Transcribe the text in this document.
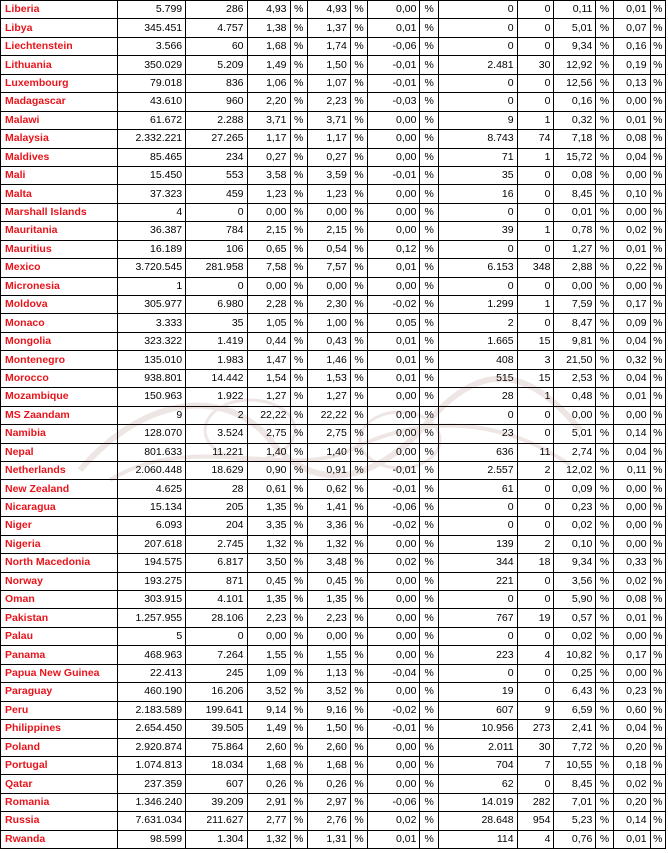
Liberia	5.799	286	4,93	%	4,93	%	0,00	%	0	0	0,11	%	0,01	%
Libya	345.451	4.757	1,38	%	1,37	%	0,01	%	0	0	5,01	%	0,07	%
Liechtenstein	3.566	60	1,68	%	1,74	%	-0,06	%	0	0	9,34	%	0,16	%
Lithuania	350.029	5.209	1,49	%	1,50	%	-0,01	%	2.481	30	12,92	%	0,19	%
Luxembourg	79.018	836	1,06	%	1,07	%	-0,01	%	0	0	12,56	%	0,13	%
Madagascar	43.610	960	2,20	%	2,23	%	-0,03	%	0	0	0,16	%	0,00	%
Malawi	61.672	2.288	3,71	%	3,71	%	0,00	%	9	1	0,32	%	0,01	%
Malaysia	2.332.221	27.265	1,17	%	1,17	%	0,00	%	8.743	74	7,18	%	0,08	%
Maldives	85.465	234	0,27	%	0,27	%	0,00	%	71	1	15,72	%	0,04	%
Mali	15.450	553	3,58	%	3,59	%	-0,01	%	35	0	0,08	%	0,00	%
Malta	37.323	459	1,23	%	1,23	%	0,00	%	16	0	8,45	%	0,10	%
Marshall Islands	4	0	0,00	%	0,00	%	0,00	%	0	0	0,01	%	0,00	%
Mauritania	36.387	784	2,15	%	2,15	%	0,00	%	39	1	0,78	%	0,02	%
Mauritius	16.189	106	0,65	%	0,54	%	0,12	%	0	0	1,27	%	0,01	%
Mexico	3.720.545	281.958	7,58	%	7,57	%	0,01	%	6.153	348	2,88	%	0,22	%
Micronesia	1	0	0,00	%	0,00	%	0,00	%	0	0	0,00	%	0,00	%
Moldova	305.977	6.980	2,28	%	2,30	%	-0,02	%	1.299	1	7,59	%	0,17	%
Monaco	3.333	35	1,05	%	1,00	%	0,05	%	2	0	8,47	%	0,09	%
Mongolia	323.322	1.419	0,44	%	0,43	%	0,01	%	1.665	15	9,81	%	0,04	%
Montenegro	135.010	1.983	1,47	%	1,46	%	0,01	%	408	3	21,50	%	0,32	%
Morocco	938.801	14.442	1,54	%	1,53	%	0,01	%	515	15	2,53	%	0,04	%
Mozambique	150.963	1.922	1,27	%	1,27	%	0,00	%	28	1	0,48	%	0,01	%
MS Zaandam	9	2	22,22	%	22,22	%	0,00	%	0	0	0,00	%	0,00	%
Namibia	128.070	3.524	2,75	%	2,75	%	0,00	%	23	0	5,01	%	0,14	%
Nepal	801.633	11.221	1,40	%	1,40	%	0,00	%	636	11	2,74	%	0,04	%
Netherlands	2.060.448	18.629	0,90	%	0,91	%	-0,01	%	2.557	2	12,02	%	0,11	%
New Zealand	4.625	28	0,61	%	0,62	%	-0,01	%	61	0	0,09	%	0,00	%
Nicaragua	15.134	205	1,35	%	1,41	%	-0,06	%	0	0	0,23	%	0,00	%
Niger	6.093	204	3,35	%	3,36	%	-0,02	%	0	0	0,02	%	0,00	%
Nigeria	207.618	2.745	1,32	%	1,32	%	0,00	%	139	2	0,10	%	0,00	%
North Macedonia	194.575	6.817	3,50	%	3,48	%	0,02	%	344	18	9,34	%	0,33	%
Norway	193.275	871	0,45	%	0,45	%	0,00	%	221	0	3,56	%	0,02	%
Oman	303.915	4.101	1,35	%	1,35	%	0,00	%	0	0	5,90	%	0,08	%
Pakistan	1.257.955	28.106	2,23	%	2,23	%	0,00	%	767	19	0,57	%	0,01	%
Palau	5	0	0,00	%	0,00	%	0,00	%	0	0	0,02	%	0,00	%
Panama	468.963	7.264	1,55	%	1,55	%	0,00	%	223	4	10,82	%	0,17	%
Papua New Guinea	22.413	245	1,09	%	1,13	%	-0,04	%	0	0	0,25	%	0,00	%
Paraguay	460.190	16.206	3,52	%	3,52	%	0,00	%	19	0	6,43	%	0,23	%
Peru	2.183.589	199.641	9,14	%	9,16	%	-0,02	%	607	9	6,59	%	0,60	%
Philippines	2.654.450	39.505	1,49	%	1,50	%	-0,01	%	10.956	273	2,41	%	0,04	%
Poland	2.920.874	75.864	2,60	%	2,60	%	0,00	%	2.011	30	7,72	%	0,20	%
Portugal	1.074.813	18.034	1,68	%	1,68	%	0,00	%	704	7	10,55	%	0,18	%
Qatar	237.359	607	0,26	%	0,26	%	0,00	%	62	0	8,45	%	0,02	%
Romania	1.346.240	39.209	2,91	%	2,97	%	-0,06	%	14.019	282	7,01	%	0,20	%
Russia	7.631.034	211.627	2,77	%	2,76	%	0,02	%	28.648	954	5,23	%	0,14	%
Rwanda	98.599	1.304	1,32	%	1,31	%	0,01	%	114	4	0,76	%	0,01	%
